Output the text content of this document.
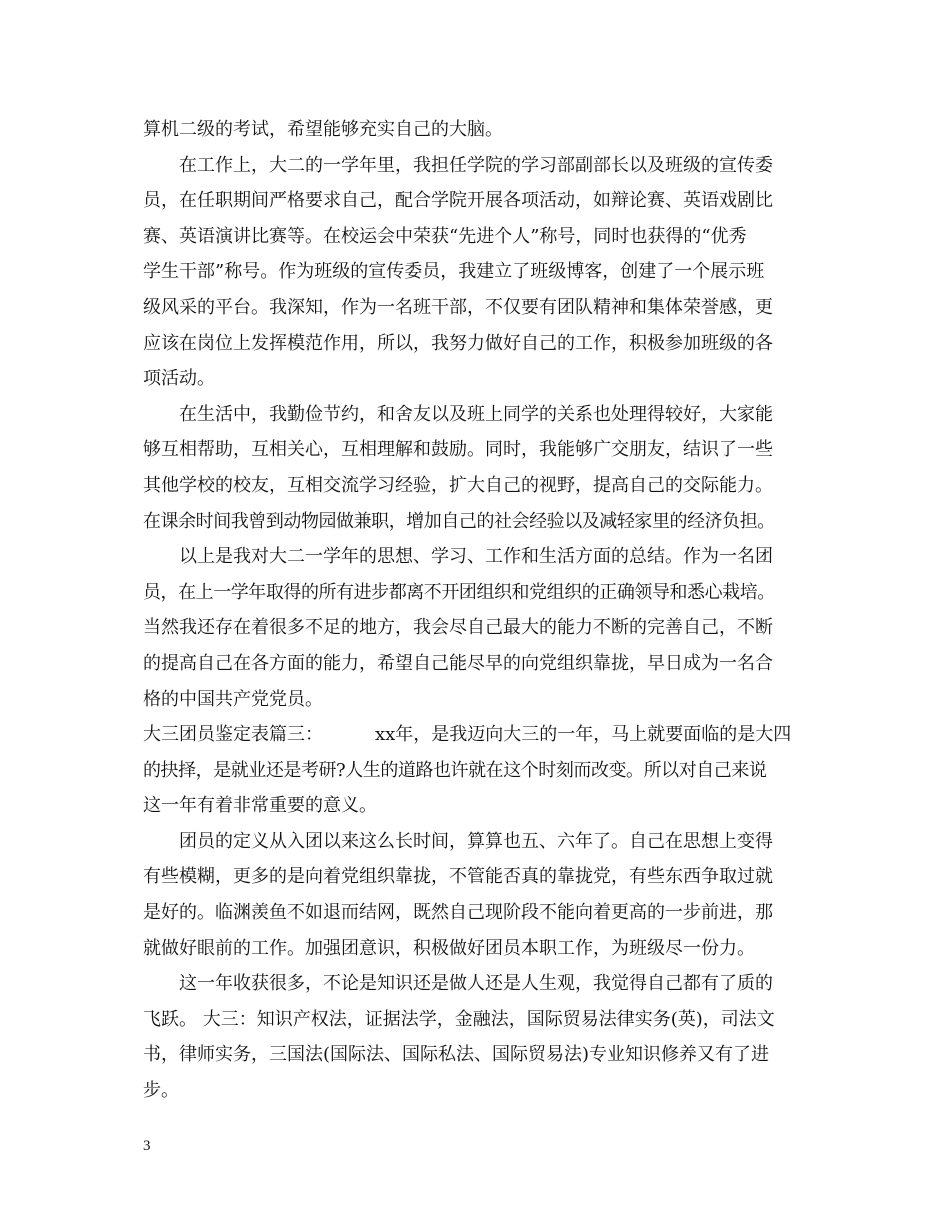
算机二级的考试，希望能够充实自己的大脑。
在工作上，大二的一学年里，我担任学院的学习部副部长以及班级的宣传委
员，在任职期间严格要求自己，配合学院开展各项活动，如辩论赛、英语戏剧比
赛、英语演讲比赛等。在校运会中荣获“先进个人”称号，同时也获得的“优秀
学生干部”称号。作为班级的宣传委员，我建立了班级博客，创建了一个展示班
级风采的平台。我深知，作为一名班干部，不仅要有团队精神和集体荣誉感，更
应该在岗位上发挥模范作用，所以，我努力做好自己的工作，积极参加班级的各
项活动。
在生活中，我勤俭节约，和舍友以及班上同学的关系也处理得较好，大家能
够互相帮助，互相关心，互相理解和鼓励。同时，我能够广交朋友，结识了一些
其他学校的校友，互相交流学习经验，扩大自己的视野，提高自己的交际能力。
在课余时间我曾到动物园做兼职，增加自己的社会经验以及减轻家里的经济负担。
以上是我对大二一学年的思想、学习、工作和生活方面的总结。作为一名团
员，在上一学年取得的所有进步都离不开团组织和党组织的正确领导和悉心栽培。
当然我还存在着很多不足的地方，我会尽自己最大的能力不断的完善自己，不断
的提高自己在各方面的能力，希望自己能尽早的向党组织靠拢，早日成为一名合
格的中国共产党党员。
大三团员鉴定表篇三：	xx年，是我迈向大三的一年，马上就要面临的是大四
的抉择，是就业还是考研?人生的道路也许就在这个时刻而改变。所以对自己来说
这一年有着非常重要的意义。
团员的定义从入团以来这么长时间，算算也五、六年了。自己在思想上变得
有些模糊，更多的是向着党组织靠拢，不管能否真的靠拢党，有些东西争取过就
是好的。临渊羡鱼不如退而结网，既然自己现阶段不能向着更高的一步前进，那
就做好眼前的工作。加强团意识，积极做好团员本职工作，为班级尽一份力。
这一年收获很多，不论是知识还是做人还是人生观，我觉得自己都有了质的
飞跃。 大三：知识产权法，证据法学，金融法，国际贸易法律实务(英)，司法文
书，律师实务，三国法(国际法、国际私法、国际贸易法)专业知识修养又有了进
步。
3
